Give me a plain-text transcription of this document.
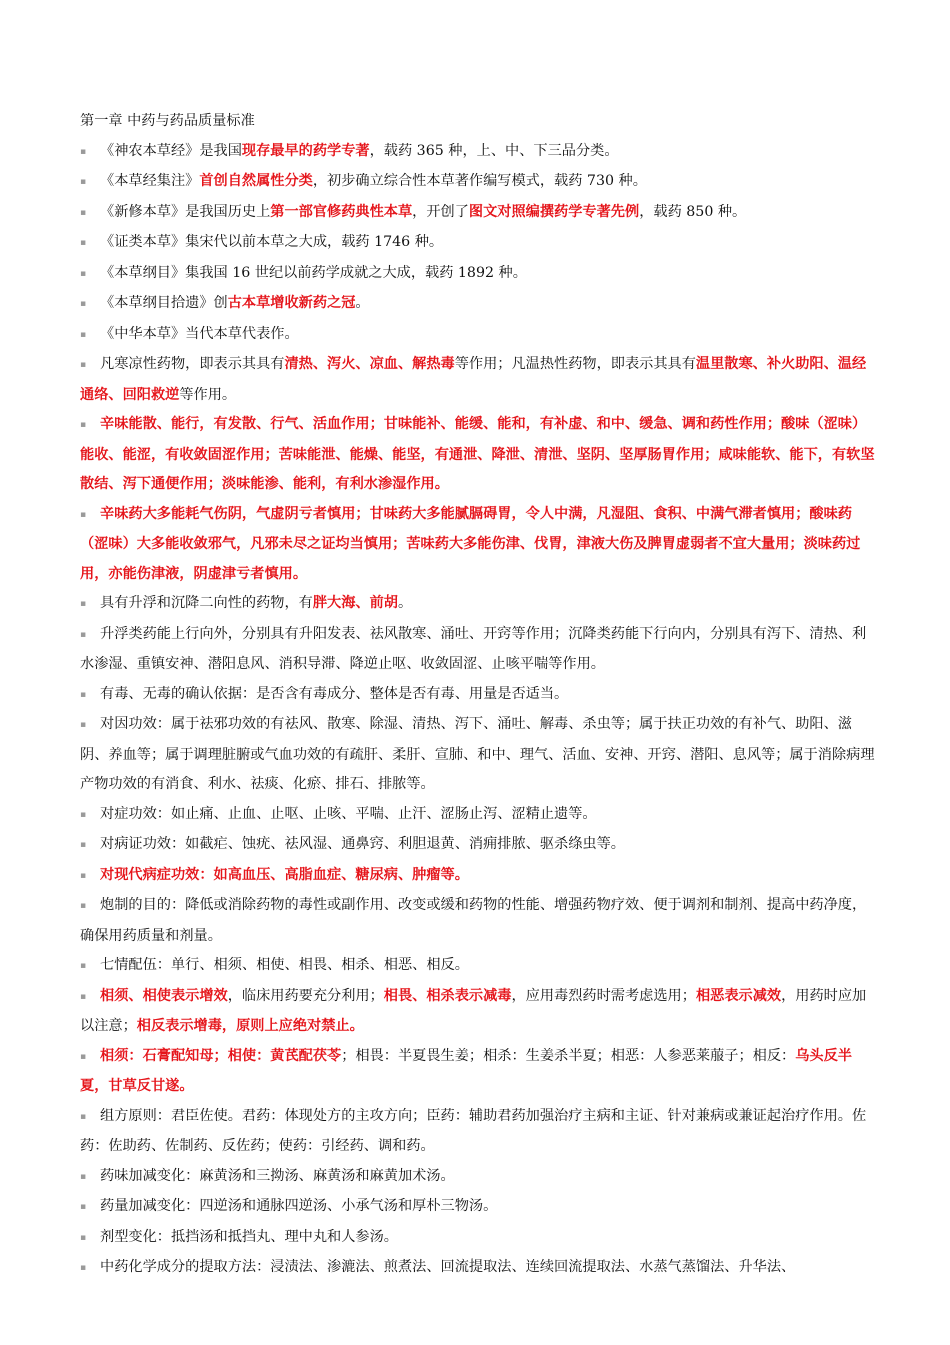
第一章 中药与药品质量标准

▪ 《神农本草经》是我国现存最早的药学专著，载药 365 种，上、中、下三品分类。

▪ 《本草经集注》首创自然属性分类，初步确立综合性本草著作编写模式，载药 730 种。

▪ 《新修本草》是我国历史上第一部官修药典性本草，开创了图文对照编撰药学专著先例，载药 850 种。

▪ 《证类本草》集宋代以前本草之大成，载药 1746 种。

▪ 《本草纲目》集我国 16 世纪以前药学成就之大成，载药 1892 种。

▪ 《本草纲目拾遗》创古本草增收新药之冠。

▪ 《中华本草》当代本草代表作。

▪ 凡寒凉性药物，即表示其具有清热、泻火、凉血、解热毒等作用；凡温热性药物，即表示其具有温里散寒、补火助阳、温经通络、回阳救逆等作用。

▪ 辛味能散、能行，有发散、行气、活血作用；甘味能补、能缓、能和，有补虚、和中、缓急、调和药性作用；酸味（涩味）能收、能涩，有收敛固涩作用；苦味能泄、能燥、能坚，有通泄、降泄、清泄、坚阴、坚厚肠胃作用；咸味能软、能下，有软坚散结、泻下通便作用；淡味能渗、能利，有利水渗湿作用。

▪ 辛味药大多能耗气伤阴，气虚阴亏者慎用；甘味药大多能腻膈碍胃，令人中满，凡湿阻、食积、中满气滞者慎用；酸味药（涩味）大多能收敛邪气，凡邪未尽之证均当慎用；苦味药大多能伤津、伐胃，津液大伤及脾胃虚弱者不宜大量用；淡味药过用，亦能伤津液，阴虚津亏者慎用。

▪ 具有升浮和沉降二向性的药物，有胖大海、前胡。

▪ 升浮类药能上行向外，分别具有升阳发表、祛风散寒、涌吐、开窍等作用；沉降类药能下行向内，分别具有泻下、清热、利水渗湿、重镇安神、潜阳息风、消积导滞、降逆止呕、收敛固涩、止咳平喘等作用。

▪ 有毒、无毒的确认依据：是否含有毒成分、整体是否有毒、用量是否适当。

▪ 对因功效：属于祛邪功效的有祛风、散寒、除湿、清热、泻下、涌吐、解毒、杀虫等；属于扶正功效的有补气、助阳、滋阴、养血等；属于调理脏腑或气血功效的有疏肝、柔肝、宣肺、和中、理气、活血、安神、开窍、潜阳、息风等；属于消除病理产物功效的有消食、利水、祛痰、化瘀、排石、排脓等。

▪ 对症功效：如止痛、止血、止呕、止咳、平喘、止汗、涩肠止泻、涩精止遗等。

▪ 对病证功效：如截疟、蚀疣、祛风湿、通鼻窍、利胆退黄、消痈排脓、驱杀绦虫等。

▪ 对现代病症功效：如高血压、高脂血症、糖尿病、肿瘤等。

▪ 炮制的目的：降低或消除药物的毒性或副作用、改变或缓和药物的性能、增强药物疗效、便于调剂和制剂、提高中药净度，确保用药质量和剂量。

▪ 七情配伍：单行、相须、相使、相畏、相杀、相恶、相反。

▪ 相须、相使表示增效，临床用药要充分利用；相畏、相杀表示减毒，应用毒烈药时需考虑选用；相恶表示减效，用药时应加以注意；相反表示增毒，原则上应绝对禁止。

▪ 相须：石膏配知母；相使：黄芪配茯苓；相畏：半夏畏生姜；相杀：生姜杀半夏；相恶：人参恶莱菔子；相反：乌头反半夏，甘草反甘遂。

▪ 组方原则：君臣佐使。君药：体现处方的主攻方向；臣药：辅助君药加强治疗主病和主证、针对兼病或兼证起治疗作用。佐药：佐助药、佐制药、反佐药；使药：引经药、调和药。

▪ 药味加减变化：麻黄汤和三拗汤、麻黄汤和麻黄加术汤。

▪ 药量加减变化：四逆汤和通脉四逆汤、小承气汤和厚朴三物汤。

▪ 剂型变化：抵挡汤和抵挡丸、理中丸和人参汤。

▪ 中药化学成分的提取方法：浸渍法、渗漉法、煎煮法、回流提取法、连续回流提取法、水蒸气蒸馏法、升华法、
